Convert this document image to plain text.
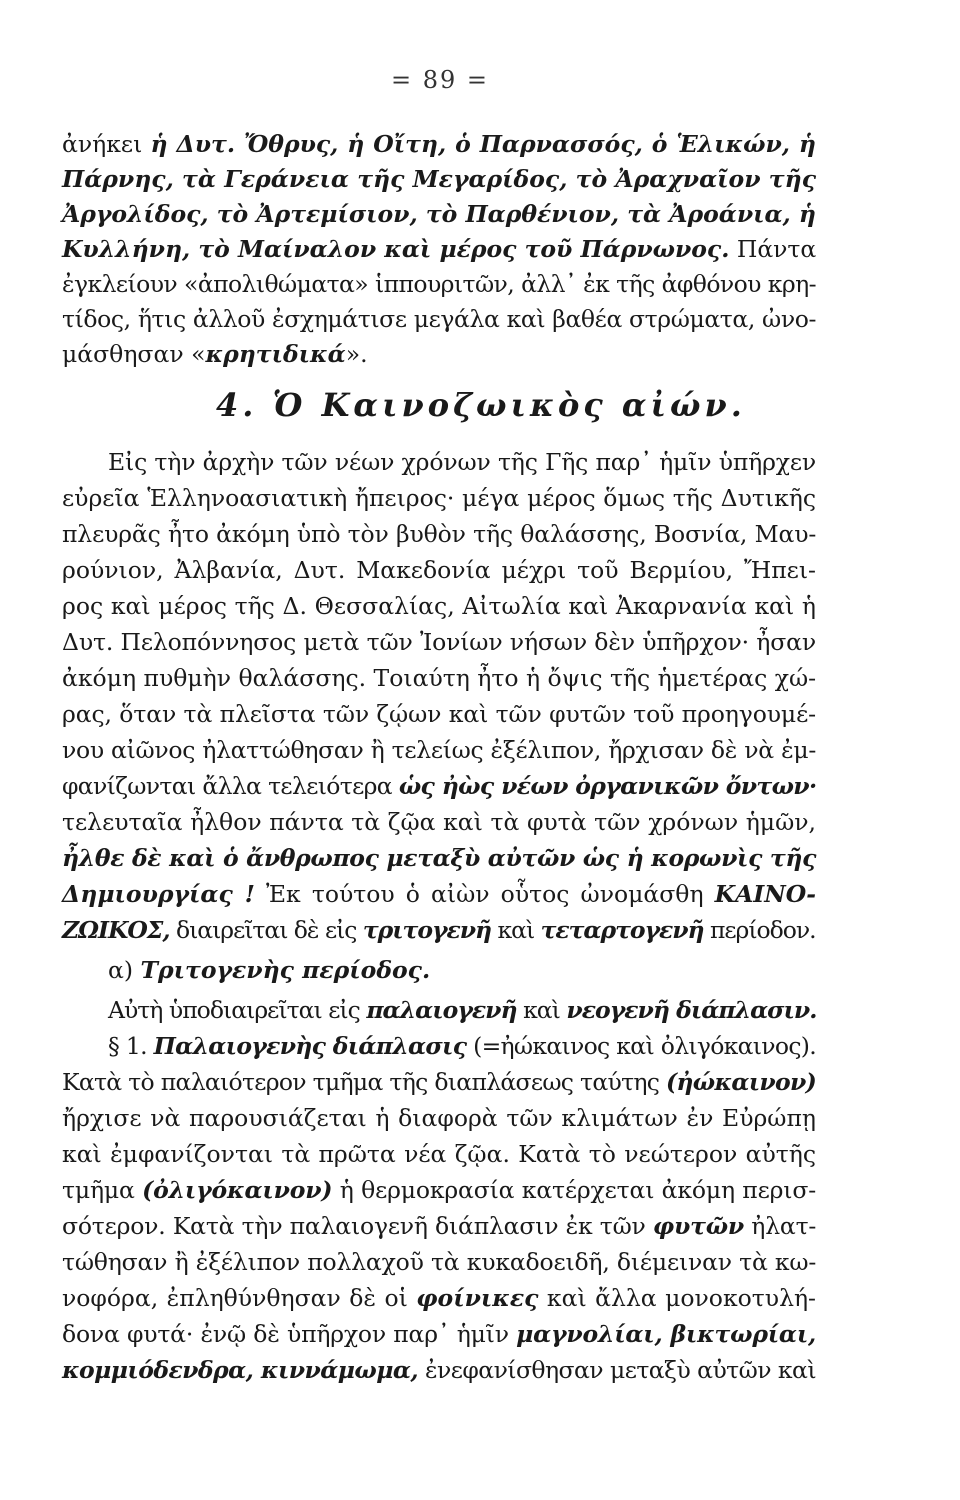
= 89 =
ἀνήκει ἡ Δυτ. Ὄθρυς, ἡ Οἴτη, ὁ Παρνασσός, ὁ Ἑλικών, ἡ
Πάρνης, τὰ Γεράνεια τῆς Μεγαρίδος, τὸ Ἀραχναῖον τῆς
Ἀργολίδος, τὸ Ἀρτεμίσιον, τὸ Παρθένιον, τὰ Ἀροάνια, ἡ
Κυλλήνη, τὸ Μαίναλον καὶ μέρος τοῦ Πάρνωνος. Πάντα
ἐγκλείουν «ἀπολιθώματα» ἱππουριτῶν, ἀλλ᾽ ἐκ τῆς ἀφθόνου κρη-
τίδος, ἥτις ἀλλοῦ ἐσχημάτισε μεγάλα καὶ βαθέα στρώματα, ὠνο-
μάσθησαν «κρητιδικά».
4. Ὁ Καινοζωικὸς αἰών.
Εἰς τὴν ἀρχὴν τῶν νέων χρόνων τῆς Γῆς παρ᾽ ἡμῖν ὑπῆρχεν
εὐρεῖα Ἑλληνοασιατικὴ ἤπειρος· μέγα μέρος ὅμως τῆς Δυτικῆς
πλευρᾶς ἦτο ἀκόμη ὑπὸ τὸν βυθὸν τῆς θαλάσσης, Βοσνία, Μαυ-
ρούνιον, Ἀλβανία, Δυτ. Μακεδονία μέχρι τοῦ Βερμίου, Ἤπει-
ρος καὶ μέρος τῆς Δ. Θεσσαλίας, Αἰτωλία καὶ Ἀκαρνανία καὶ ἡ
Δυτ. Πελοπόννησος μετὰ τῶν Ἰονίων νήσων δὲν ὑπῆρχον· ἦσαν
ἀκόμη πυθμὴν θαλάσσης. Τοιαύτη ἦτο ἡ ὄψις τῆς ἡμετέρας χώ-
ρας, ὅταν τὰ πλεῖστα τῶν ζῴων καὶ τῶν φυτῶν τοῦ προηγουμέ-
νου αἰῶνος ἠλαττώθησαν ἢ τελείως ἐξέλιπον, ἤρχισαν δὲ νὰ ἐμ-
φανίζωνται ἄλλα τελειότερα ὡς ἠὼς νέων ὀργανικῶν ὄντων·
τελευταῖα ἦλθον πάντα τὰ ζῷα καὶ τὰ φυτὰ τῶν χρόνων ἡμῶν,
ἦλθε δὲ καὶ ὁ ἄνθρωπος μεταξὺ αὐτῶν ὡς ἡ κορωνὶς τῆς
Δημιουργίας ! Ἐκ τούτου ὁ αἰὼν οὗτος ὠνομάσθη ΚΑΙΝΟ-
ΖΩΙΚΟΣ, διαιρεῖται δὲ εἰς τριτογενῆ καὶ τεταρτογενῆ περίοδον.
α) Τριτογενὴς περίοδος.
Αὐτὴ ὑποδιαιρεῖται εἰς παλαιογενῆ καὶ νεογενῆ διάπλασιν.
§ 1. Παλαιογενὴς διάπλασις (=ἠώκαινος καὶ ὀλιγόκαινος).
Κατὰ τὸ παλαιότερον τμῆμα τῆς διαπλάσεως ταύτης (ἠώκαινον)
ἤρχισε νὰ παρουσιάζεται ἡ διαφορὰ τῶν κλιμάτων ἐν Εὐρώπῃ
καὶ ἐμφανίζονται τὰ πρῶτα νέα ζῷα. Κατὰ τὸ νεώτερον αὐτῆς
τμῆμα (ὀλιγόκαινον) ἡ θερμοκρασία κατέρχεται ἀκόμη περισ-
σότερον. Κατὰ τὴν παλαιογενῆ διάπλασιν ἐκ τῶν φυτῶν ἠλατ-
τώθησαν ἢ ἐξέλιπον πολλαχοῦ τὰ κυκαδοειδῆ, διέμειναν τὰ κω-
νοφόρα, ἐπληθύνθησαν δὲ οἱ φοίνικες καὶ ἄλλα μονοκοτυλή-
δονα φυτά· ἐνῷ δὲ ὑπῆρχον παρ᾽ ἡμῖν μαγνολίαι, βικτωρίαι,
κομμιόδενδρα, κιννάμωμα, ἐνεφανίσθησαν μεταξὺ αὐτῶν καὶ
